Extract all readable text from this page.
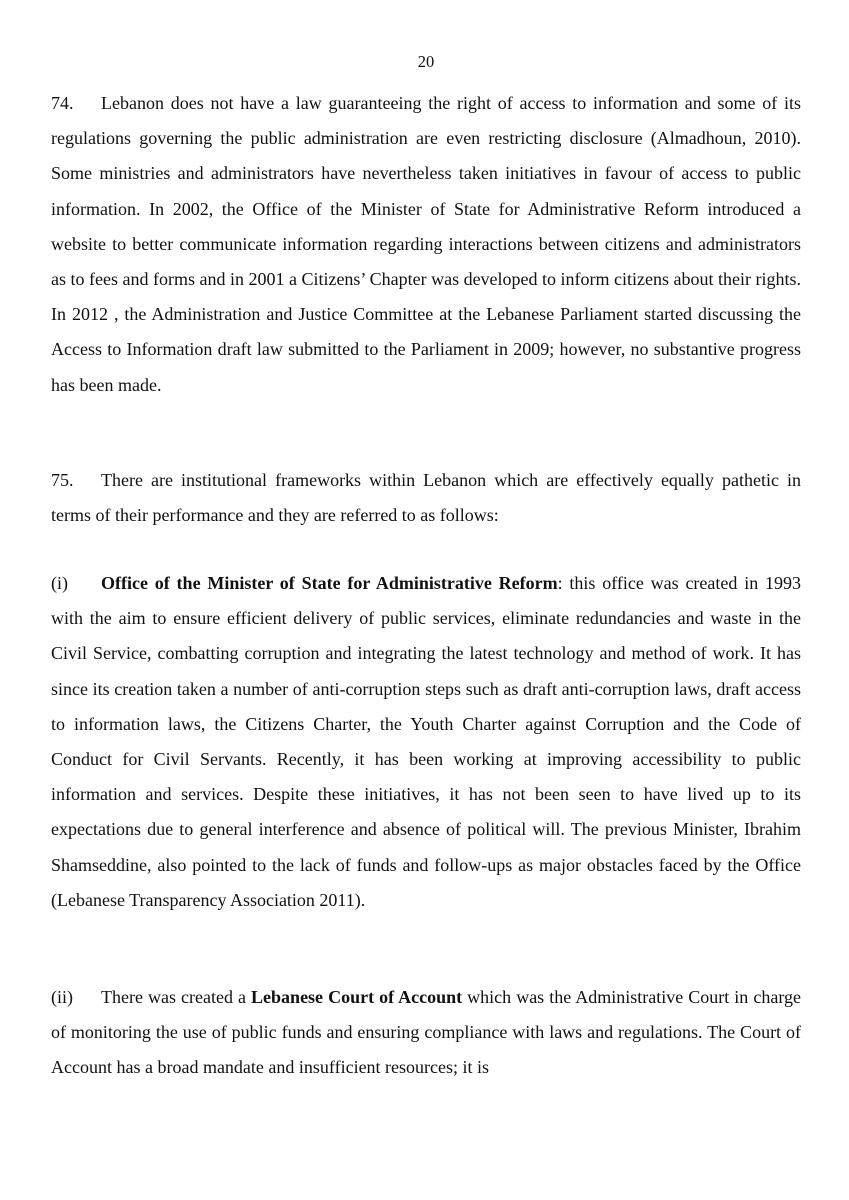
20

74. Lebanon does not have a law guaranteeing the right of access to information and some of its regulations governing the public administration are even restricting disclosure (Almadhoun, 2010). Some ministries and administrators have nevertheless taken initiatives in favour of access to public information. In 2002, the Office of the Minister of State for Administrative Reform introduced a website to better communicate information regarding interactions between citizens and administrators as to fees and forms and in 2001 a Citizens’ Chapter was developed to inform citizens about their rights. In 2012 , the Administration and Justice Committee at the Lebanese Parliament started discussing the Access to Information draft law submitted to the Parliament in 2009; however, no substantive progress has been made.

75. There are institutional frameworks within Lebanon which are effectively equally pathetic in terms of their performance and they are referred to as follows:

(i) Office of the Minister of State for Administrative Reform: this office was created in 1993 with the aim to ensure efficient delivery of public services, eliminate redundancies and waste in the Civil Service, combatting corruption and integrating the latest technology and method of work. It has since its creation taken a number of anti-corruption steps such as draft anti-corruption laws, draft access to information laws, the Citizens Charter, the Youth Charter against Corruption and the Code of Conduct for Civil Servants. Recently, it has been working at improving accessibility to public information and services. Despite these initiatives, it has not been seen to have lived up to its expectations due to general interference and absence of political will. The previous Minister, Ibrahim Shamseddine, also pointed to the lack of funds and follow-ups as major obstacles faced by the Office (Lebanese Transparency Association 2011).

(ii) There was created a Lebanese Court of Account which was the Administrative Court in charge of monitoring the use of public funds and ensuring compliance with laws and regulations. The Court of Account has a broad mandate and insufficient resources; it is
